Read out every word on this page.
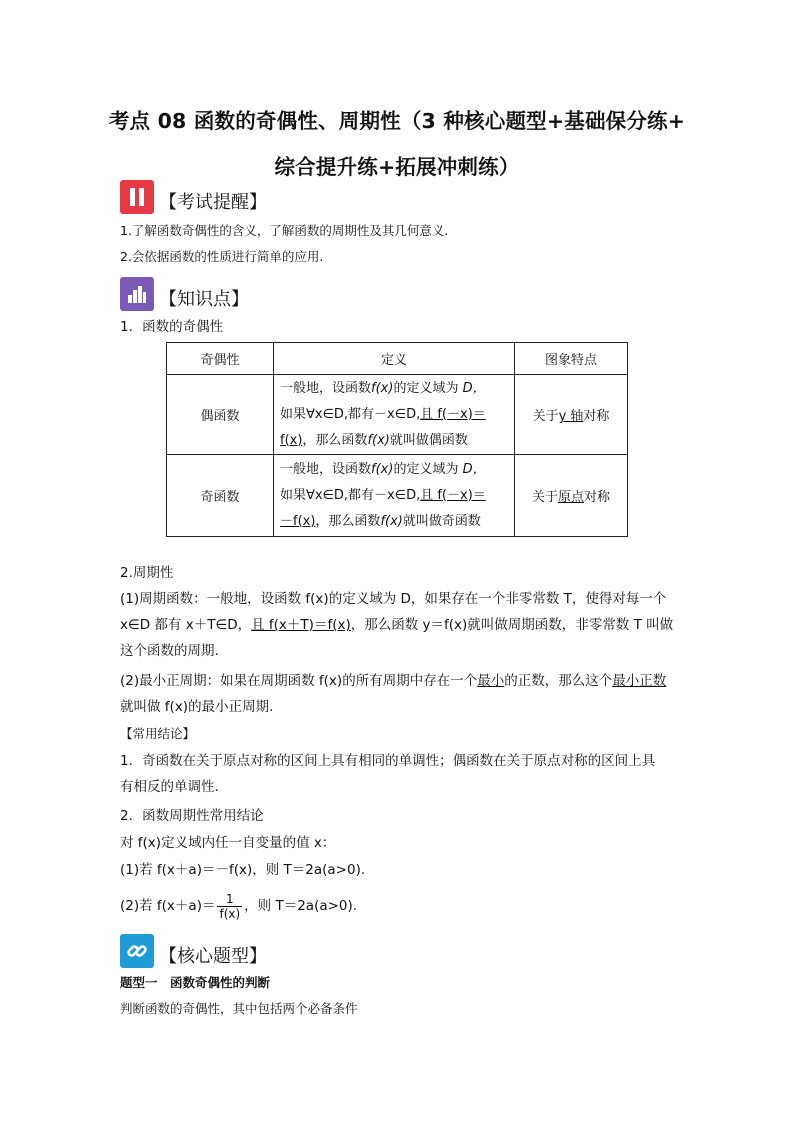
考点 08 函数的奇偶性、周期性（3 种核心题型+基础保分练+
综合提升练+拓展冲刺练）
【考试提醒】
1.了解函数奇偶性的含义，了解函数的周期性及其几何意义.
2.会依据函数的性质进行简单的应用.
【知识点】
1．函数的奇偶性
奇偶性	定义	图象特点
偶函数	一般地，设函数f(x)的定义域为 D，
如果∀x∈D,都有－x∈D,且 f(－x)＝
f(x)，那么函数f(x)就叫做偶函数	关于y 轴对称
奇函数	一般地，设函数f(x)的定义域为 D，
如果∀x∈D,都有－x∈D,且 f(－x)＝
－f(x)，那么函数f(x)就叫做奇函数	关于原点对称
2.周期性
(1)周期函数：一般地，设函数 f(x)的定义域为 D，如果存在一个非零常数 T，使得对每一个
x∈D 都有 x＋T∈D，且 f(x＋T)＝f(x)，那么函数 y＝f(x)就叫做周期函数，非零常数 T 叫做
这个函数的周期.
(2)最小正周期：如果在周期函数 f(x)的所有周期中存在一个最小的正数，那么这个最小正数
就叫做 f(x)的最小正周期.
【常用结论】
1．奇函数在关于原点对称的区间上具有相同的单调性；偶函数在关于原点对称的区间上具
有相反的单调性.
2．函数周期性常用结论
对 f(x)定义域内任一自变量的值 x：
(1)若 f(x＋a)＝－f(x)，则 T＝2a(a>0).
(2)若 $f(x+a)= \frac{1}{f(x)}$ ，则 T＝2a(a>0).
【核心题型】
题型一　函数奇偶性的判断
判断函数的奇偶性，其中包括两个必备条件
